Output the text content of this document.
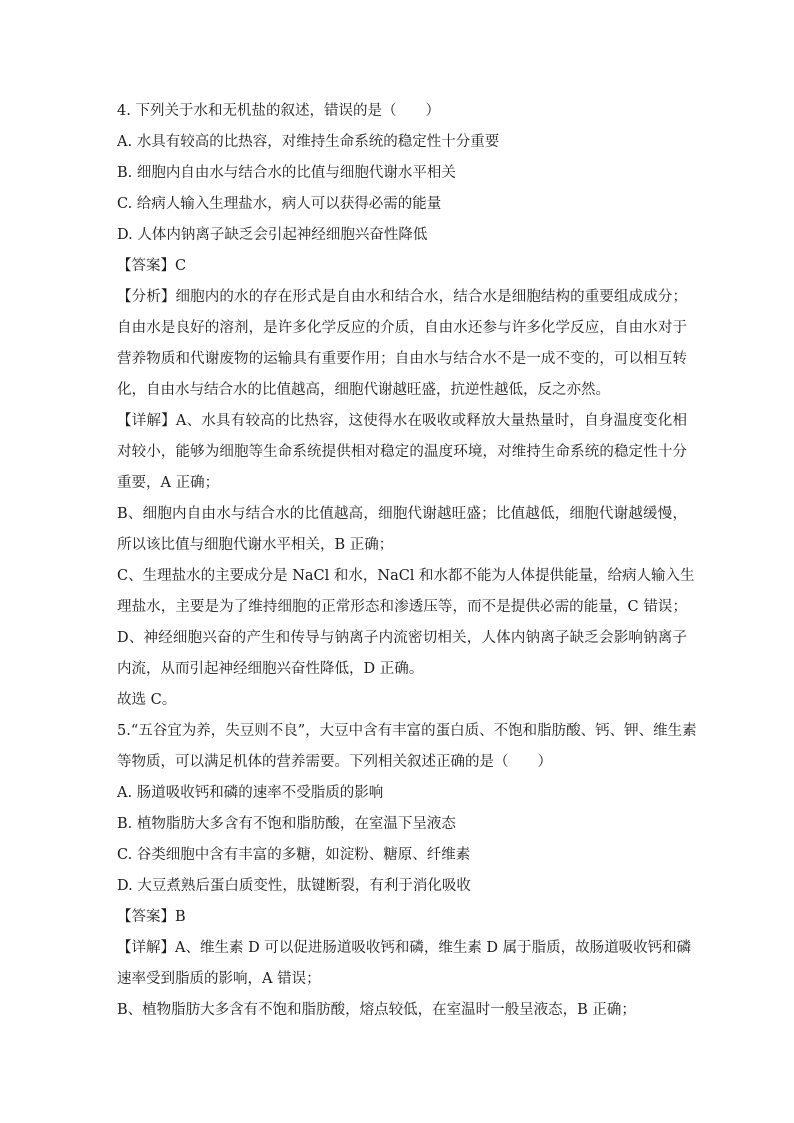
4. 下列关于水和无机盐的叙述，错误的是（　　）
A. 水具有较高的比热容，对维持生命系统的稳定性十分重要
B. 细胞内自由水与结合水的比值与细胞代谢水平相关
C. 给病人输入生理盐水，病人可以获得必需的能量
D. 人体内钠离子缺乏会引起神经细胞兴奋性降低
【答案】C
【分析】细胞内的水的存在形式是自由水和结合水，结合水是细胞结构的重要组成成分；
自由水是良好的溶剂，是许多化学反应的介质，自由水还参与许多化学反应，自由水对于
营养物质和代谢废物的运输具有重要作用；自由水与结合水不是一成不变的，可以相互转
化，自由水与结合水的比值越高，细胞代谢越旺盛，抗逆性越低，反之亦然。
【详解】A、水具有较高的比热容，这使得水在吸收或释放大量热量时，自身温度变化相
对较小，能够为细胞等生命系统提供相对稳定的温度环境，对维持生命系统的稳定性十分
重要，A 正确；
B、细胞内自由水与结合水的比值越高，细胞代谢越旺盛；比值越低，细胞代谢越缓慢，
所以该比值与细胞代谢水平相关，B 正确；
C、生理盐水的主要成分是 NaCl 和水，NaCl 和水都不能为人体提供能量，给病人输入生
理盐水，主要是为了维持细胞的正常形态和渗透压等，而不是提供必需的能量，C 错误；
D、神经细胞兴奋的产生和传导与钠离子内流密切相关，人体内钠离子缺乏会影响钠离子
内流，从而引起神经细胞兴奋性降低，D 正确。
故选 C。
5.“五谷宜为养，失豆则不良”，大豆中含有丰富的蛋白质、不饱和脂肪酸、钙、钾、维生素
等物质，可以满足机体的营养需要。下列相关叙述正确的是（　　）
A. 肠道吸收钙和磷的速率不受脂质的影响
B. 植物脂肪大多含有不饱和脂肪酸，在室温下呈液态
C. 谷类细胞中含有丰富的多糖，如淀粉、糖原、纤维素
D. 大豆煮熟后蛋白质变性，肽键断裂，有利于消化吸收
【答案】B
【详解】A、维生素 D 可以促进肠道吸收钙和磷，维生素 D 属于脂质，故肠道吸收钙和磷
速率受到脂质的影响，A 错误；
B、植物脂肪大多含有不饱和脂肪酸，熔点较低，在室温时一般呈液态，B 正确；
